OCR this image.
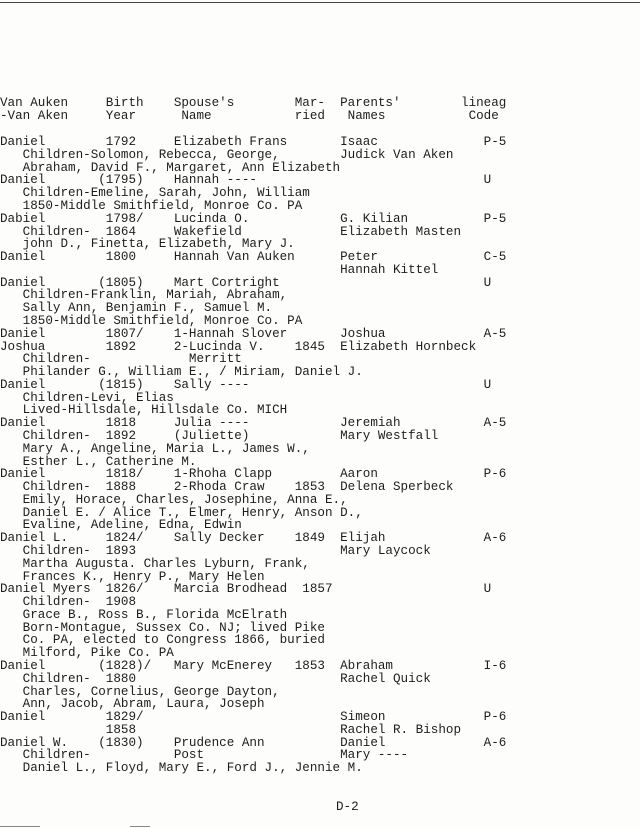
Van Auken     Birth    Spouse's        Mar-  Parents'        lineag
-Van Aken     Year      Name           ried   Names           Code
Daniel        1792     Elizabeth Frans       Isaac              P-5
Children-Solomon, Rebecca, George,        Judick Van Aken
Abraham, David F., Margaret, Ann Elizabeth
Daniel       (1795)    Hannah ----                              U
Children-Emeline, Sarah, John, William
1850-Middle Smithfield, Monroe Co. PA
Dabiel        1798/    Lucinda O.            G. Kilian          P-5
Children-  1864     Wakefield             Elizabeth Masten
john D., Finetta, Elizabeth, Mary J.
Daniel        1800     Hannah Van Auken      Peter              C-5
Hannah Kittel
Daniel       (1805)    Mart Cortright                           U
Children-Franklin, Mariah, Abraham,
Sally Ann, Benjamin F., Samuel M.
1850-Middle Smithfield, Monroe Co. PA
Daniel        1807/    1-Hannah Slover       Joshua             A-5
Joshua        1892     2-Lucinda V.    1845  Elizabeth Hornbeck
Children-             Merritt
Philander G., William E., / Miriam, Daniel J.
Daniel       (1815)    Sally ----                               U
Children-Levi, Elias
Lived-Hillsdale, Hillsdale Co. MICH
Daniel        1818     Julia ----            Jeremiah           A-5
Children-  1892     (Juliette)            Mary Westfall
Mary A., Angeline, Maria L., James W.,
Esther L., Catherine M.
Daniel        1818/    1-Rhoha Clapp         Aaron              P-6
Children-  1888     2-Rhoda Craw    1853  Delena Sperbeck
Emily, Horace, Charles, Josephine, Anna E.,
Daniel E. / Alice T., Elmer, Henry, Anson D.,
Evaline, Adeline, Edna, Edwin
Daniel L.     1824/    Sally Decker    1849  Elijah             A-6
Children-  1893                           Mary Laycock
Martha Augusta. Charles Lyburn, Frank,
Frances K., Henry P., Mary Helen
Daniel Myers  1826/    Marcia Brodhead  1857                    U
Children-  1908
Grace B., Ross B., Florida McElrath
Born-Montague, Sussex Co. NJ; lived Pike
Co. PA, elected to Congress 1866, buried
Milford, Pike Co. PA
Daniel       (1828)/   Mary McEnerey   1853  Abraham            I-6
Children-  1880                           Rachel Quick
Charles, Cornelius, George Dayton,
Ann, Jacob, Abram, Laura, Joseph
Daniel        1829/                          Simeon             P-6
1858                           Rachel R. Bishop
Daniel W.    (1830)    Prudence Ann          Daniel             A-6
Children-           Post                  Mary ----
Daniel L., Floyd, Mary E., Ford J., Jennie M.
D-2
